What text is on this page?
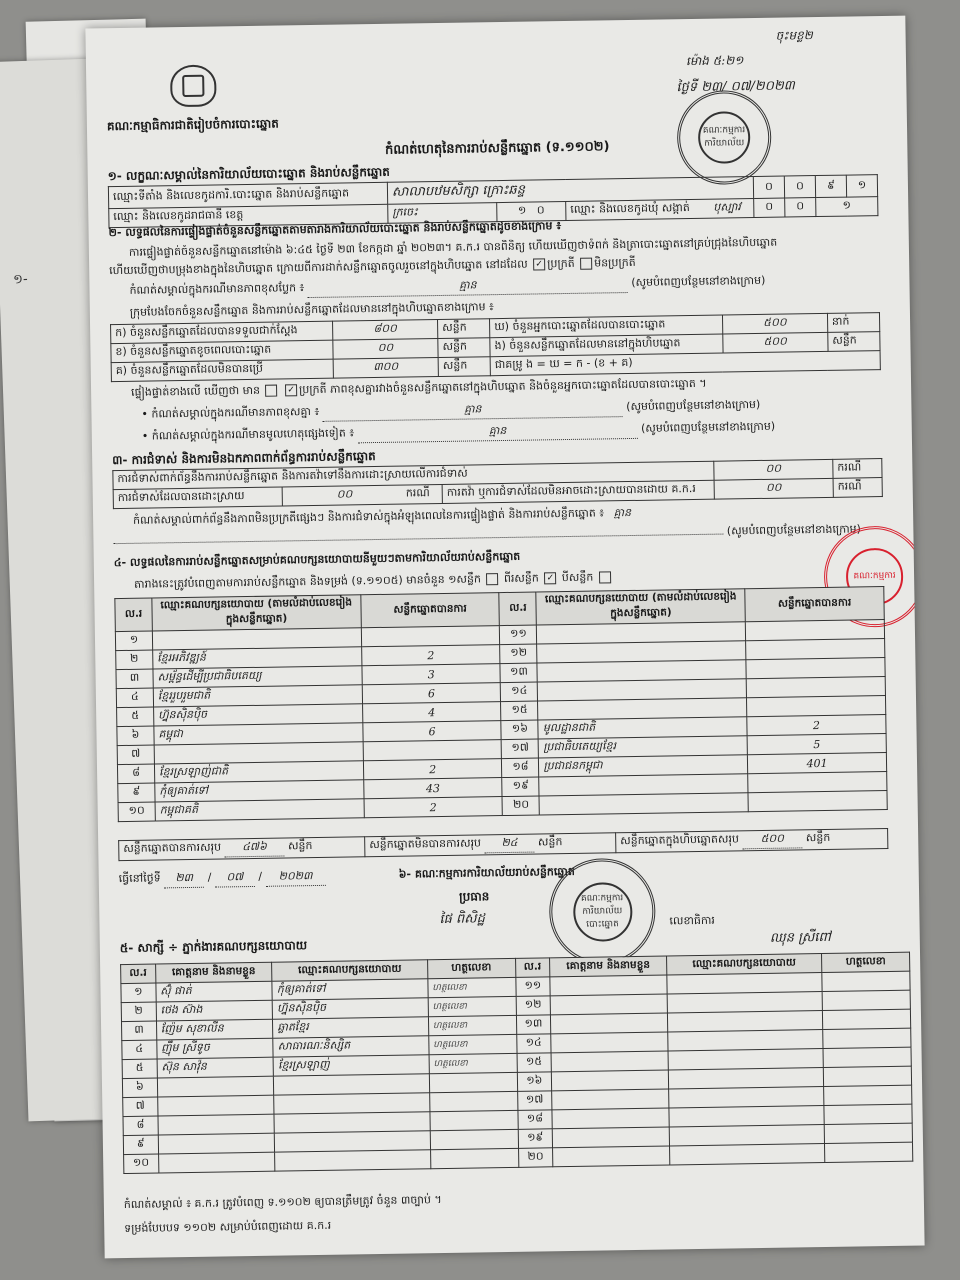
១-
ចុះមខ្ល២
ម៉ោង ៥:២១
ថ្ងៃទី ២៣/ ០៧/២០២៣
គណៈកម្មការការិយាល័យ
គណៈកម្មាធិការជាតិរៀបចំការបោះឆ្នោត
កំណត់ហេតុនៃការរាប់សន្លឹកឆ្នោត (ទ.១១០២)
១- លក្ខណៈសម្គាល់នៃការិយាល័យបោះឆ្នោត និងរាប់សន្លឹកឆ្នោត
ឈ្មោះទីតាំង និងលេខកូដការិ.បោះឆ្នោត និងរាប់សន្លឹកឆ្នោត	សាលាបឋមសិក្សា ក្រោះឆន្ទ			០	០	៩	១
ឈ្មោះ និងលេខកូដរាជធានី ខេត្ត	ក្រចេះ	១ ០	ឈ្មោះ និងលេខកូដឃុំ សង្កាត់ បុស្បាវ	០	០	១	
២- លទ្ធផលនៃការផ្ទៀងផ្ទាត់ចំនួនសន្លឹកឆ្នោតតាមតារាងការិយាល័យបោះឆ្នោត និងរាប់សន្លឹកឆ្នោតដូចខាងក្រោម ៖
ការផ្ទៀងផ្ទាត់ចំនួនសន្លឹកឆ្នោតនៅម៉ោង ៦:៤៥ ថ្ងៃទី ២៣ ខែកក្កដា ឆ្នាំ ២០២៣។ គ.ក.រ បានពិនិត្យ ហើយឃើញថាទំពក់ និងត្រាបោះឆ្នោតនៅគ្រប់ជ្រុងនៃហិបឆ្នោត
ហើយឃើញថាបម្រុងខាងក្នុងនៃហិបឆ្នោត ក្រោយពីការដាក់សន្លឹកឆ្នោតចូលរួចនៅក្នុងហិបឆ្នោត នៅដដែល ✓ ប្រក្រតី មិនប្រក្រតី
កំណត់សម្គាល់ក្នុងករណីមានភាពខុសប្លែក ៖	គ្មាន	(សូមបំពេញបន្ថែមនៅខាងក្រោម)
ក្រុមបែងចែកចំនួនសន្លឹកឆ្នោត និងការរាប់សន្លឹកឆ្នោតដែលមាននៅក្នុងហិបឆ្នោតខាងក្រោម ៖
ក) ចំនួនសន្លឹកឆ្នោតដែលបានទទួលជាក់ស្ដែង	៨០០	សន្លឹក	ឃ) ចំនួនអ្នកបោះឆ្នោតដែលបានបោះឆ្នោត	៥០០	នាក់
ខ) ចំនួនសន្លឹកឆ្នោតខូចពេលបោះឆ្នោត	០០	សន្លឹក	ង) ចំនួនសន្លឹកឆ្នោតដែលមាននៅក្នុងហិបឆ្នោត	៥០០	សន្លឹក
គ) ចំនួនសន្លឹកឆ្នោតដែលមិនបានប្រើ	៣០០	សន្លឹក	ជាគម្រូ ង = ឃ = ក - (ខ + គ)		
ផ្ទៀងផ្ទាត់ខាងលើ ឃើញថា មាន	✓ ប្រក្រតី ភាពខុសគ្នារវាងចំនួនសន្លឹកឆ្នោតនៅក្នុងហិបឆ្នោត និងចំនួនអ្នកបោះឆ្នោតដែលបានបោះឆ្នោត ។
• កំណត់សម្គាល់ក្នុងករណីមានភាពខុសគ្នា ៖	គ្មាន	(សូមបំពេញបន្ថែមនៅខាងក្រោម)
• កំណត់សម្គាល់ក្នុងករណីមានមូលហេតុផ្សេងទៀត ៖	គ្មាន	(សូមបំពេញបន្ថែមនៅខាងក្រោម)
៣- ការជំទាស់ និងការមិនឯកភាពពាក់ព័ន្ធការរាប់សន្លឹកឆ្នោត
ការជំទាស់ពាក់ព័ន្ធនឹងការរាប់សន្លឹកឆ្នោត និងការតវ៉ាទៅនឹងការដោះស្រាយលើការជំទាស់			០០	ករណី
ការជំទាស់ដែលបានដោះស្រាយ	០០ ករណី	ការតវ៉ា ឬការជំទាស់ដែលមិនអាចដោះស្រាយបានដោយ គ.ក.រ	០០	ករណី
កំណត់សម្គាល់ពាក់ព័ន្ធនឹងភាពមិនប្រក្រតីផ្សេងៗ និងការជំទាស់ក្នុងអំឡុងពេលនៃការផ្ទៀងផ្ទាត់ និងការរាប់សន្លឹកឆ្នោត ៖ គ្មាន
(សូមបំពេញបន្ថែមនៅខាងក្រោម)
គណៈកម្មការ
៤- លទ្ធផលនៃការរាប់សន្លឹកឆ្នោតសម្រាប់គណបក្សនយោបាយនីមួយៗតាមការិយាល័យរាប់សន្លឹកឆ្នោត
តារាងនេះត្រូវបំពេញតាមការរាប់សន្លឹកឆ្នោត និងទម្រង់ (ទ.១១០៥) មានចំនួន ១សន្លឹក ពីរសន្លឹក ✓ បីសន្លឹក
ល.រ	ឈ្មោះគណបក្សនយោបាយ (តាមលំដាប់លេខរៀងក្នុងសន្លឹកឆ្នោត)	សន្លឹកឆ្នោតបានការ	ល.រ	ឈ្មោះគណបក្សនយោបាយ (តាមលំដាប់លេខរៀងក្នុងសន្លឹកឆ្នោត)	សន្លឹកឆ្នោតបានការ
១			១១		
២	ខ្មែរអភិវឌ្ឍន៍	2	១២		
៣	សម្ព័ន្ធដើម្បីប្រជាធិបតេយ្យ	3	១៣		
៤	ខ្មែររួបរួមជាតិ	6	១៤		
៥	ហ្វ៊ុនស៊ិនប៉ិច	4	១៥		
៦	គម្ពុជា	6	១៦	មូលដ្ឋានជាតិ	2
៧			១៧	ប្រជាធិបតេយ្យខ្មែរ	5
៨	ខ្មែរស្រឡាញ់ជាតិ	2	១៨	ប្រជាជនកម្ពុជា	401
៩	កុំឲ្យគាត់ទៅ	43	១៩		
១០	កម្ពុជាគតិ	2	២០		
សន្លឹកឆ្នោតបានការសរុប ៤៧៦ សន្លឹក	សន្លឹកឆ្នោតមិនបានការសរុប ២៤ សន្លឹក	សន្លឹកឆ្នោតក្នុងហិបឆ្នោតសរុប ៥០០ សន្លឹក
ធ្វើនៅថ្ងៃទី ២៣ / ០៧ / ២០២៣	៦- គណៈកម្មការការិយាល័យរាប់សន្លឹកឆ្នោត
ប្រធាន
ផៃ ពិសិដ្ឋ
គណៈកម្មការការិយាល័យបោះឆ្នោត	លេខាធិការ
ឈុន ស្រីពៅ
៥- សាក្សី ÷ ភ្នាក់ងារគណបក្សនយោបាយ
ល.រ	គោត្តនាម និងនាមខ្លួន	ឈ្មោះគណបក្សនយោបាយ	ហត្ថលេខា	ល.រ	គោត្តនាម និងនាមខ្លួន	ឈ្មោះគណបក្សនយោបាយ	ហត្ថលេខា
១	ស៊ុំ ផាត់	កុំឲ្យគាត់ទៅ	ហត្ថលេខា	១១			
២	ថេង ស៊ាង	ហ្វ៊ុនស៊ិនប៉ិច	ហត្ថលេខា	១២			
៣	ញ៉ែម សុខាលីន	ឆ្លាតខ្មែរ	ហត្ថលេខា	១៣			
៤	ញ៉ឹម ស្រីទូច	សាធារណៈនិស្សិត	ហត្ថលេខា	១៤			
៥	ស៊ុន សាវ៉ុន	ខ្មែរស្រឡាញ់	ហត្ថលេខា	១៥			
៦				១៦			
៧				១៧			
៨				១៨			
៩				១៩			
១០				២០			
កំណត់សម្គាល់ ៖ គ.ក.រ ត្រូវបំពេញ ទ.១១០២ ឲ្យបានត្រឹមត្រូវ ចំនួន ៣ច្បាប់ ។
ទម្រង់បែបបទ ១១០២ សម្រាប់បំពេញដោយ គ.ក.រ
